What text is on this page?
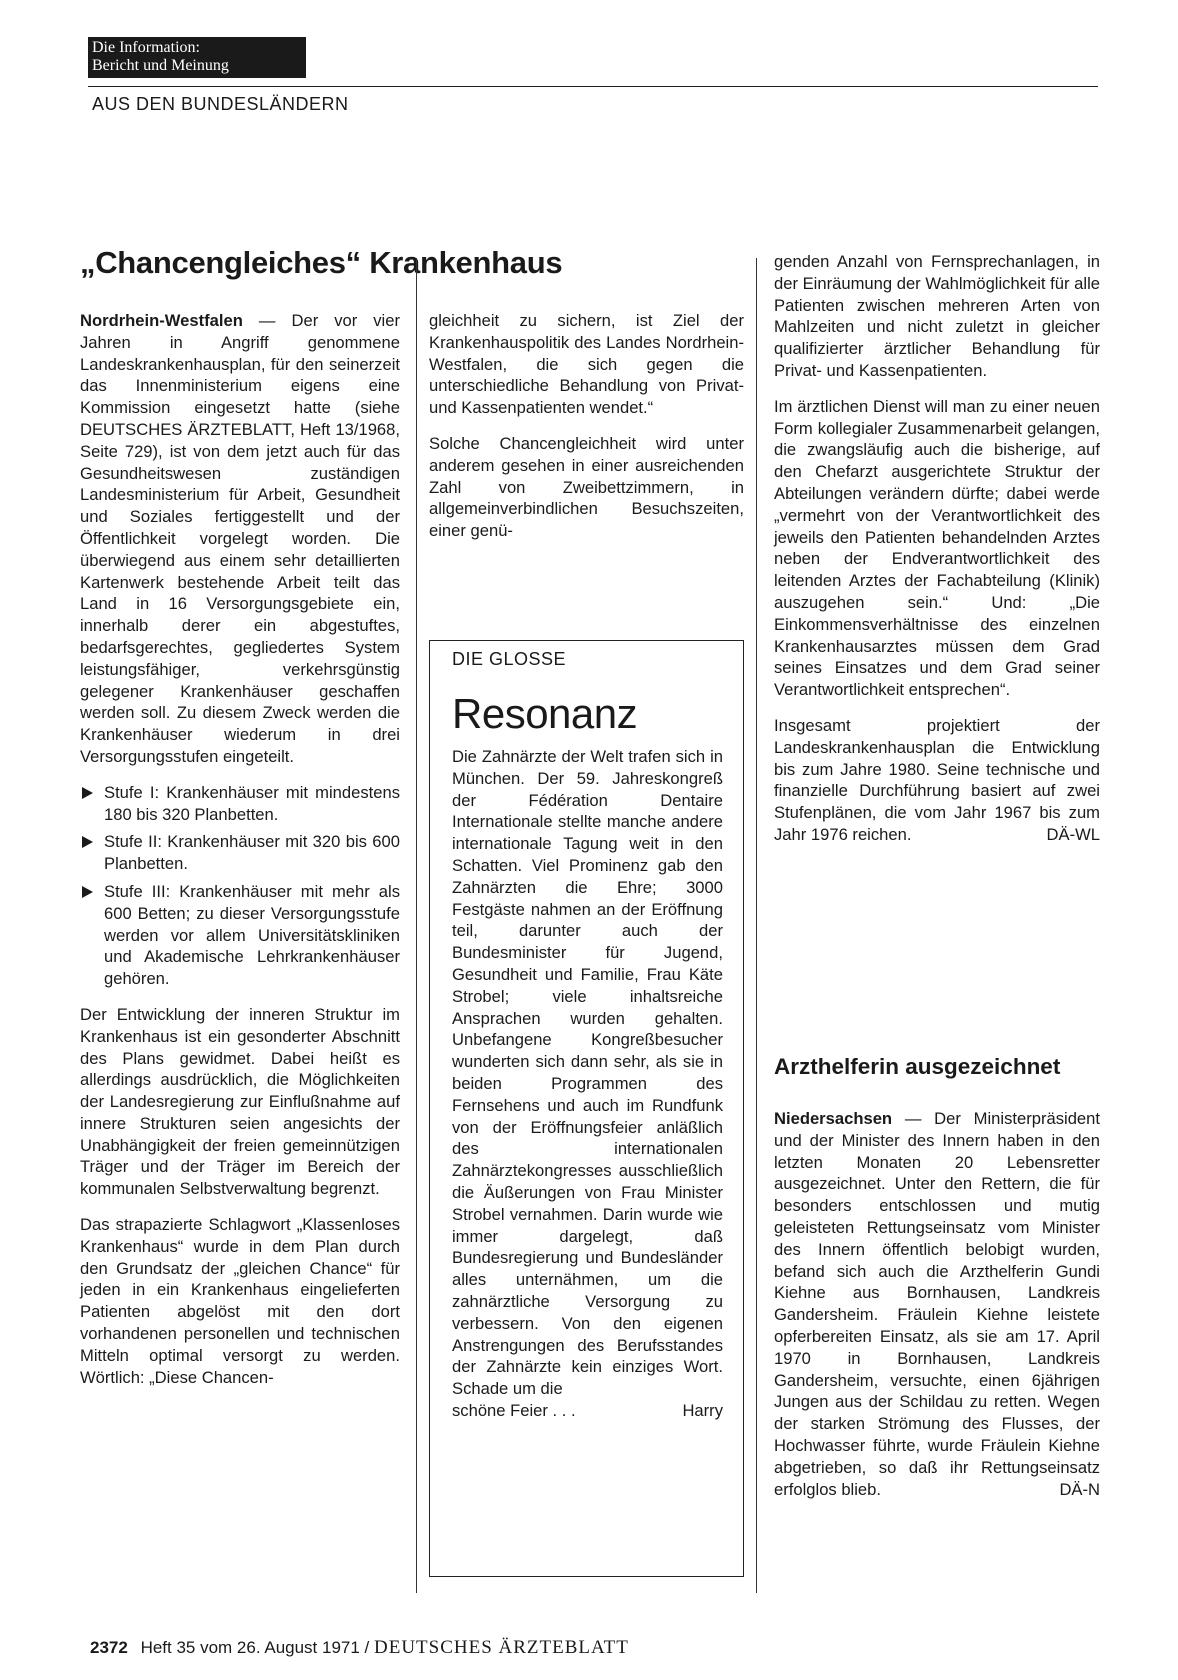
Die Information:
Bericht und Meinung
AUS DEN BUNDESLÄNDERN
„Chancengleiches“ Krankenhaus

Nordrhein-Westfalen — Der vor vier Jahren in Angriff genommene Landeskrankenhausplan, für den seinerzeit das Innenministerium eigens eine Kommission eingesetzt hatte (siehe DEUTSCHES ÄRZTEBLATT, Heft 13/1968, Seite 729), ist von dem jetzt auch für das Gesundheitswesen zuständigen Landesministerium für Arbeit, Gesundheit und Soziales fertiggestellt und der Öffentlichkeit vorgelegt worden. Die überwiegend aus einem sehr detaillierten Kartenwerk bestehende Arbeit teilt das Land in 16 Versorgungsgebiete ein, innerhalb derer ein abgestuftes, bedarfsgerechtes, gegliedertes System leistungsfähiger, verkehrsgünstig gelegener Krankenhäuser geschaffen werden soll. Zu diesem Zweck werden die Krankenhäuser wiederum in drei Versorgungsstufen eingeteilt.

Stufe I: Krankenhäuser mit mindestens 180 bis 320 Planbetten.
Stufe II: Krankenhäuser mit 320 bis 600 Planbetten.
Stufe III: Krankenhäuser mit mehr als 600 Betten; zu dieser Versorgungsstufe werden vor allem Universitätskliniken und Akademische Lehrkrankenhäuser gehören.

Der Entwicklung der inneren Struktur im Krankenhaus ist ein gesonderter Abschnitt des Plans gewidmet. Dabei heißt es allerdings ausdrücklich, die Möglichkeiten der Landesregierung zur Einflußnahme auf innere Strukturen seien angesichts der Unabhängigkeit der freien gemeinnützigen Träger und der Träger im Bereich der kommunalen Selbstverwaltung begrenzt.

Das strapazierte Schlagwort „Klassenloses Krankenhaus“ wurde in dem Plan durch den Grundsatz der „gleichen Chance“ für jeden in ein Krankenhaus eingelieferten Patienten abgelöst mit den dort vorhandenen personellen und technischen Mitteln optimal versorgt zu werden. Wörtlich: „Diese Chancen-

gleichheit zu sichern, ist Ziel der Krankenhauspolitik des Landes Nordrhein-Westfalen, die sich gegen die unterschiedliche Behandlung von Privat- und Kassenpatienten wendet.“

Solche Chancengleichheit wird unter anderem gesehen in einer ausreichenden Zahl von Zweibettzimmern, in allgemeinverbindlichen Besuchszeiten, einer genü-

DIE GLOSSE
Resonanz
Die Zahnärzte der Welt trafen sich in München. Der 59. Jahreskongreß der Fédération Dentaire Internationale stellte manche andere internationale Tagung weit in den Schatten. Viel Prominenz gab den Zahnärzten die Ehre; 3000 Festgäste nahmen an der Eröffnung teil, darunter auch der Bundesminister für Jugend, Gesundheit und Familie, Frau Käte Strobel; viele inhaltsreiche Ansprachen wurden gehalten. Unbefangene Kongreßbesucher wunderten sich dann sehr, als sie in beiden Programmen des Fernsehens und auch im Rundfunk von der Eröffnungsfeier anläßlich des internationalen Zahnärztekongresses ausschließlich die Äußerungen von Frau Minister Strobel vernahmen. Darin wurde wie immer dargelegt, daß Bundesregierung und Bundesländer alles unternähmen, um die zahnärztliche Versorgung zu verbessern. Von den eigenen Anstrengungen des Berufsstandes der Zahnärzte kein einziges Wort. Schade um die
schöne Feier . . .	Harry

genden Anzahl von Fernsprechanlagen, in der Einräumung der Wahlmöglichkeit für alle Patienten zwischen mehreren Arten von Mahlzeiten und nicht zuletzt in gleicher qualifizierter ärztlicher Behandlung für Privat- und Kassenpatienten.

Im ärztlichen Dienst will man zu einer neuen Form kollegialer Zusammenarbeit gelangen, die zwangsläufig auch die bisherige, auf den Chefarzt ausgerichtete Struktur der Abteilungen verändern dürfte; dabei werde „vermehrt von der Verantwortlichkeit des jeweils den Patienten behandelnden Arztes neben der Endverantwortlichkeit des leitenden Arztes der Fachabteilung (Klinik) auszugehen sein.“ Und: „Die Einkommensverhältnisse des einzelnen Krankenhausarztes müssen dem Grad seines Einsatzes und dem Grad seiner Verantwortlichkeit entsprechen“.

Insgesamt projektiert der Landeskrankenhausplan die Entwicklung bis zum Jahre 1980. Seine technische und finanzielle Durchführung basiert auf zwei Stufenplänen, die vom Jahr 1967 bis zum Jahr 1976 reichen.	DÄ-WL

Arzthelferin ausgezeichnet

Niedersachsen — Der Ministerpräsident und der Minister des Innern haben in den letzten Monaten 20 Lebensretter ausgezeichnet. Unter den Rettern, die für besonders entschlossen und mutig geleisteten Rettungseinsatz vom Minister des Innern öffentlich belobigt wurden, befand sich auch die Arzthelferin Gundi Kiehne aus Bornhausen, Landkreis Gandersheim. Fräulein Kiehne leistete opferbereiten Einsatz, als sie am 17. April 1970 in Bornhausen, Landkreis Gandersheim, versuchte, einen 6jährigen Jungen aus der Schildau zu retten. Wegen der starken Strömung des Flusses, der Hochwasser führte, wurde Fräulein Kiehne abgetrieben, so daß ihr Rettungseinsatz erfolglos blieb.	DÄ-N

2372 Heft 35 vom 26. August 1971 / DEUTSCHES ÄRZTEBLATT
